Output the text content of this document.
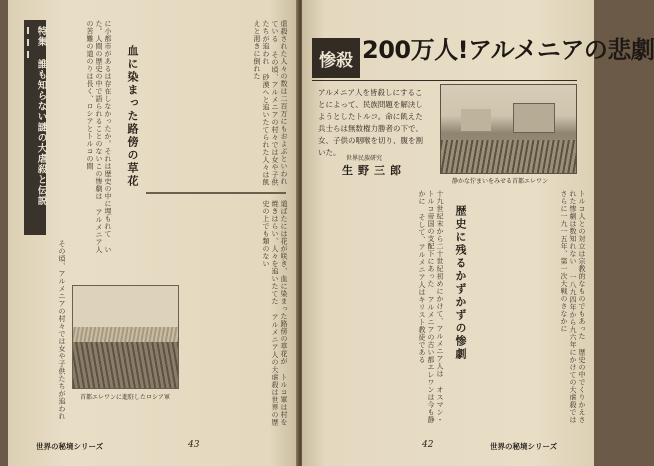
特集 誰も知らない謎の大虐殺と伝説 III	に小都市があるは存在しなかったか。それは歴史の中に埋もれて いた。人間の歴史の中で語られることのないこの惨劇は アルメニア人の苦難の道のりは長く、ロシアとトルコの間	血に染まった路傍の草花	虐殺された人々の数は二百万にもおよぶといわれている その頃、アルメニアの村々では女や子供たちが追われ 砂漠へと追いたてられた人々は飢えと渇きに倒れた
道ばたには花が咲き、血に染まった路傍の草花が トルコ軍は村を焼きはらい、人々を追いたてた アルメニア人の大虐殺は世界の歴史の上でも類のない
その頃、アルメニアの村々では女や子供たちが追われ 首都エレワンに進駐したロシア軍
世界の秘境シリーズ	43
惨殺 200万人!アルメニアの悲劇
アルメニア人を皆殺しにすることによって、民族問題を解決しようとしたトルコ。命に飢えた兵士らは無数権力勝者の下で、女、子供の咽喉を切り、腹を割いた。
世界民族研究
生野三郎
静かな佇まいをみせる首都エレワン
十九世紀末から二十世紀初めにかけて、アルメニア人は オスマン・トルコ帝国の支配下にあった アルメニアの古い都エレワンは今も静かに そして、アルメニア人はキリスト教徒である	歴史に残るかずかずの惨劇	トルコ人との対立は宗教的なものでもあった 歴史の中でくりかえされた惨劇は数知れない 一八九四年から九六年にかけての大虐殺では さらに一九一五年、第一次大戦のさなかに
42	世界の秘境シリーズ
